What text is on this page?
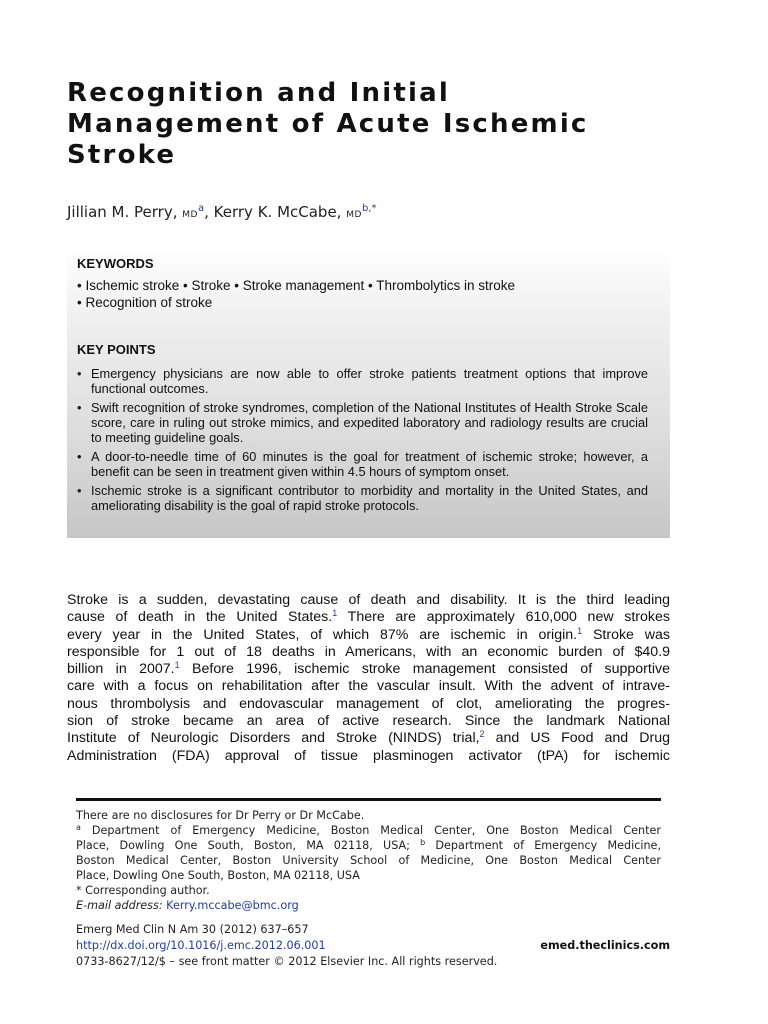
Recognition and Initial
Management of Acute Ischemic
Stroke
Jillian M. Perry, $MD^a$, Kerry K. McCabe, $MD^{b,*}$
KEYWORDS
• Ischemic stroke • Stroke • Stroke management • Thrombolytics in stroke
• Recognition of stroke
KEY POINTS
• Emergency physicians are now able to offer stroke patients treatment options that improve functional outcomes.
• Swift recognition of stroke syndromes, completion of the National Institutes of Health Stroke Scale score, care in ruling out stroke mimics, and expedited laboratory and radiology results are crucial to meeting guideline goals.
• A door-to-needle time of 60 minutes is the goal for treatment of ischemic stroke; however, a benefit can be seen in treatment given within 4.5 hours of symptom onset.
• Ischemic stroke is a significant contributor to morbidity and mortality in the United States, and ameliorating disability is the goal of rapid stroke protocols.
Stroke is a sudden, devastating cause of death and disability. It is the third leading
cause of death in the United States.$^1$ There are approximately 610,000 new strokes
every year in the United States, of which 87% are ischemic in origin.$^1$ Stroke was
responsible for 1 out of 18 deaths in Americans, with an economic burden of $40.9
billion in 2007.$^1$ Before 1996, ischemic stroke management consisted of supportive
care with a focus on rehabilitation after the vascular insult. With the advent of intrave-
nous thrombolysis and endovascular management of clot, ameliorating the progres-
sion of stroke became an area of active research. Since the landmark National
Institute of Neurologic Disorders and Stroke (NINDS) trial,$^2$ and US Food and Drug
Administration (FDA) approval of tissue plasminogen activator (tPA) for ischemic
There are no disclosures for Dr Perry or Dr McCabe.
$^a$ Department of Emergency Medicine, Boston Medical Center, One Boston Medical Center
Place, Dowling One South, Boston, MA 02118, USA; $^b$ Department of Emergency Medicine,
Boston Medical Center, Boston University School of Medicine, One Boston Medical Center
Place, Dowling One South, Boston, MA 02118, USA
* Corresponding author.
E-mail address: Kerry.mccabe@bmc.org
Emerg Med Clin N Am 30 (2012) 637–657
http://dx.doi.org/10.1016/j.emc.2012.06.001
0733-8627/12/$ – see front matter © 2012 Elsevier Inc. All rights reserved.
emed.theclinics.com
